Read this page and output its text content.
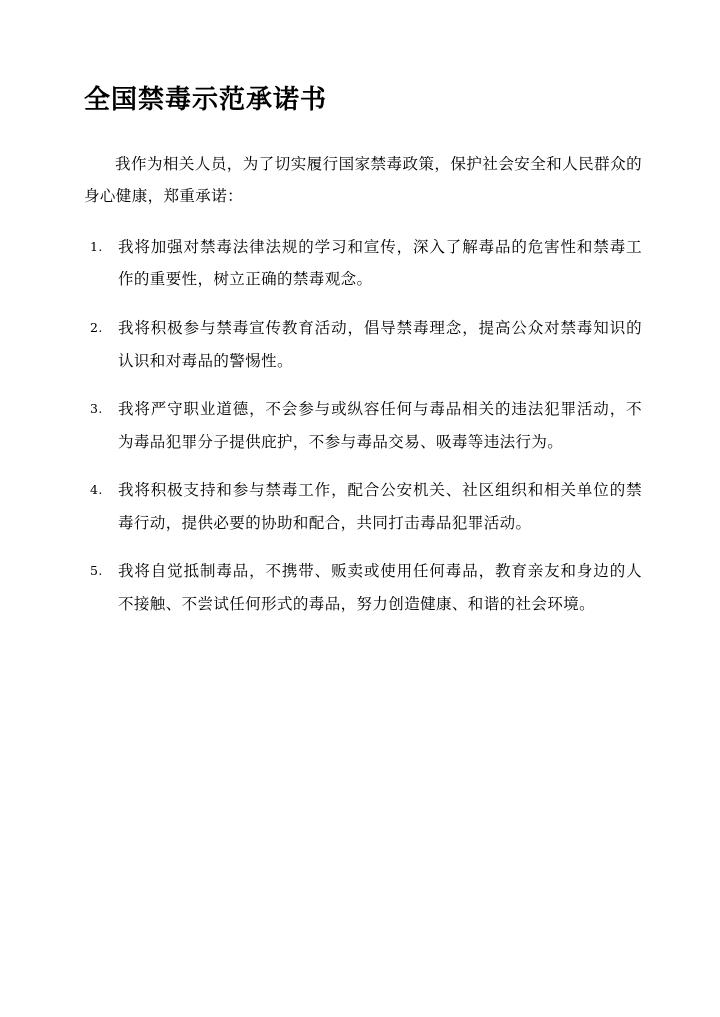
全国禁毒示范承诺书

我作为相关人员，为了切实履行国家禁毒政策，保护社会安全和人民群众的身心健康，郑重承诺：

我将加强对禁毒法律法规的学习和宣传，深入了解毒品的危害性和禁毒工作的重要性，树立正确的禁毒观念。
我将积极参与禁毒宣传教育活动，倡导禁毒理念，提高公众对禁毒知识的认识和对毒品的警惕性。
我将严守职业道德，不会参与或纵容任何与毒品相关的违法犯罪活动，不为毒品犯罪分子提供庇护，不参与毒品交易、吸毒等违法行为。
我将积极支持和参与禁毒工作，配合公安机关、社区组织和相关单位的禁毒行动，提供必要的协助和配合，共同打击毒品犯罪活动。
我将自觉抵制毒品，不携带、贩卖或使用任何毒品，教育亲友和身边的人不接触、不尝试任何形式的毒品，努力创造健康、和谐的社会环境。
